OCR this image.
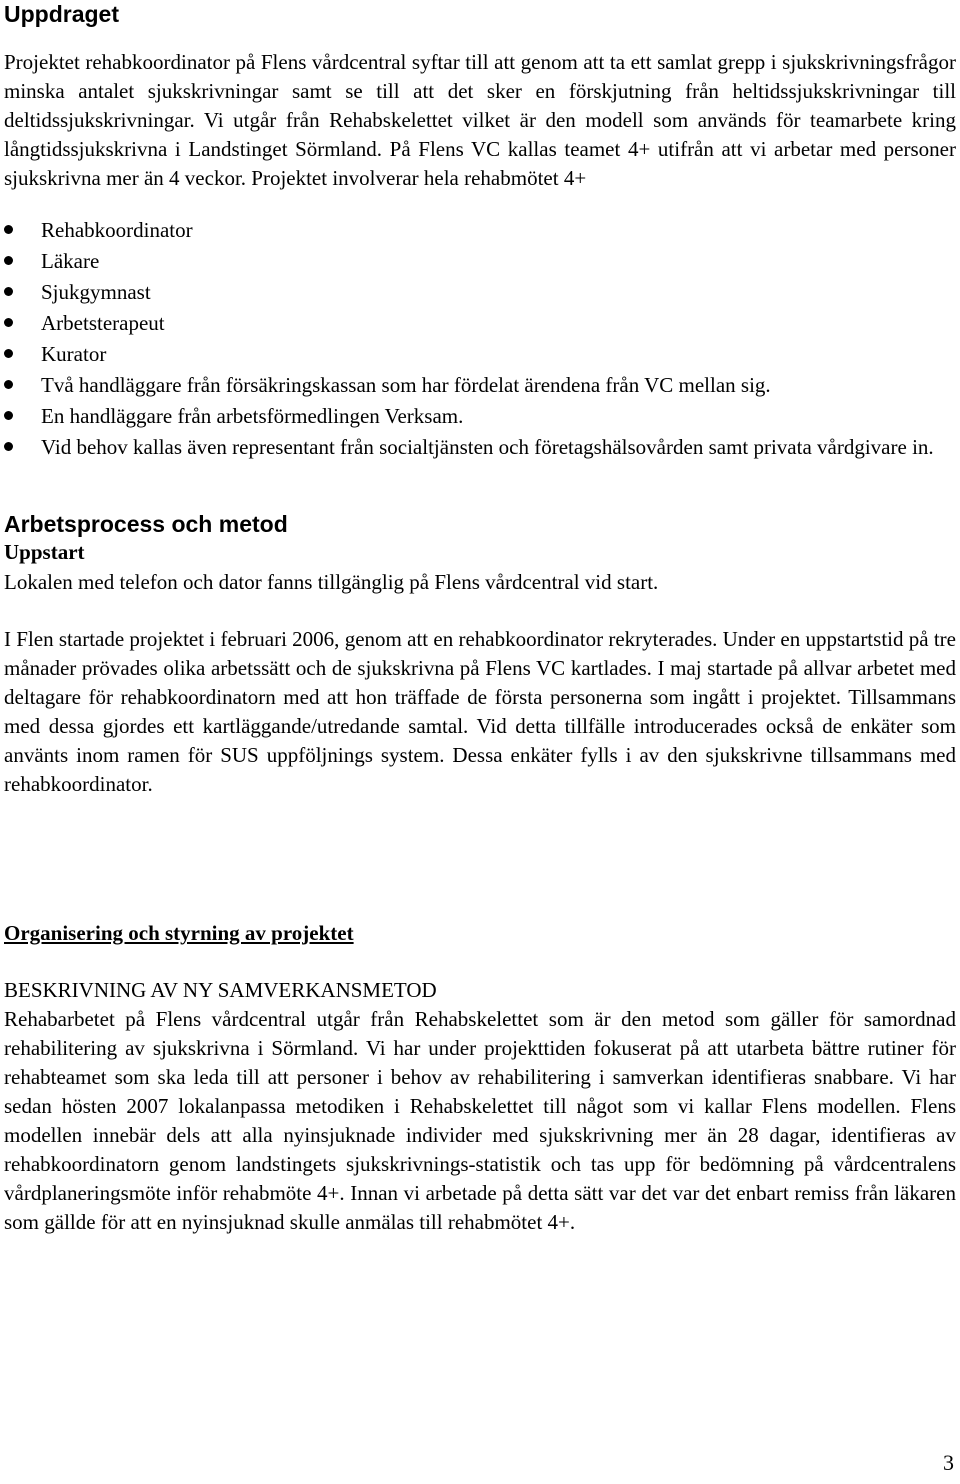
Uppdraget

Projektet rehabkoordinator på Flens vårdcentral syftar till att genom att ta ett samlat grepp i sjukskrivningsfrågor minska antalet sjukskrivningar samt se till att det sker en förskjutning från heltidssjukskrivningar till deltidssjukskrivningar. Vi utgår från Rehabskelettet vilket är den modell som används för teamarbete kring långtidssjukskrivna i Landstinget Sörmland. På Flens VC kallas teamet 4+ utifrån att vi arbetar med personer sjukskrivna mer än 4 veckor. Projektet involverar hela rehabmötet 4+

Rehabkoordinator
Läkare
Sjukgymnast
Arbetsterapeut
Kurator
Två handläggare från försäkringskassan som har fördelat ärendena från VC mellan sig.
En handläggare från arbetsförmedlingen Verksam.
Vid behov kallas även representant från socialtjänsten och företagshälsovården samt privata vårdgivare in.
Arbetsprocess och metod

Uppstart

Lokalen med telefon och dator fanns tillgänglig på Flens vårdcentral vid start.

I Flen startade projektet i februari 2006, genom att en rehabkoordinator rekryterades. Under en uppstartstid på tre månader prövades olika arbetssätt och de sjukskrivna på Flens VC kartlades. I maj startade på allvar arbetet med deltagare för rehabkoordinatorn med att hon träffade de första personerna som ingått i projektet. Tillsammans med dessa gjordes ett kartläggande/utredande samtal. Vid detta tillfälle introducerades också de enkäter som använts inom ramen för SUS uppföljnings system. Dessa enkäter fylls i av den sjukskrivne tillsammans med rehabkoordinator.

Organisering och styrning av projektet

BESKRIVNING AV NY SAMVERKANSMETOD

Rehabarbetet på Flens vårdcentral utgår från Rehabskelettet som är den metod som gäller för samordnad rehabilitering av sjukskrivna i Sörmland. Vi har under projekttiden fokuserat på att utarbeta bättre rutiner för rehabteamet som ska leda till att personer i behov av rehabilitering i samverkan identifieras snabbare. Vi har sedan hösten 2007 lokalanpassa metodiken i Rehabskelettet till något som vi kallar Flens modellen. Flens modellen innebär dels att alla nyinsjuknade individer med sjukskrivning mer än 28 dagar, identifieras av rehabkoordinatorn genom landstingets sjukskrivnings-statistik och tas upp för bedömning på vårdcentralens vårdplaneringsmöte inför rehabmöte 4+. Innan vi arbetade på detta sätt var det var det enbart remiss från läkaren som gällde för att en nyinsjuknad skulle anmälas till rehabmötet 4+.

3
